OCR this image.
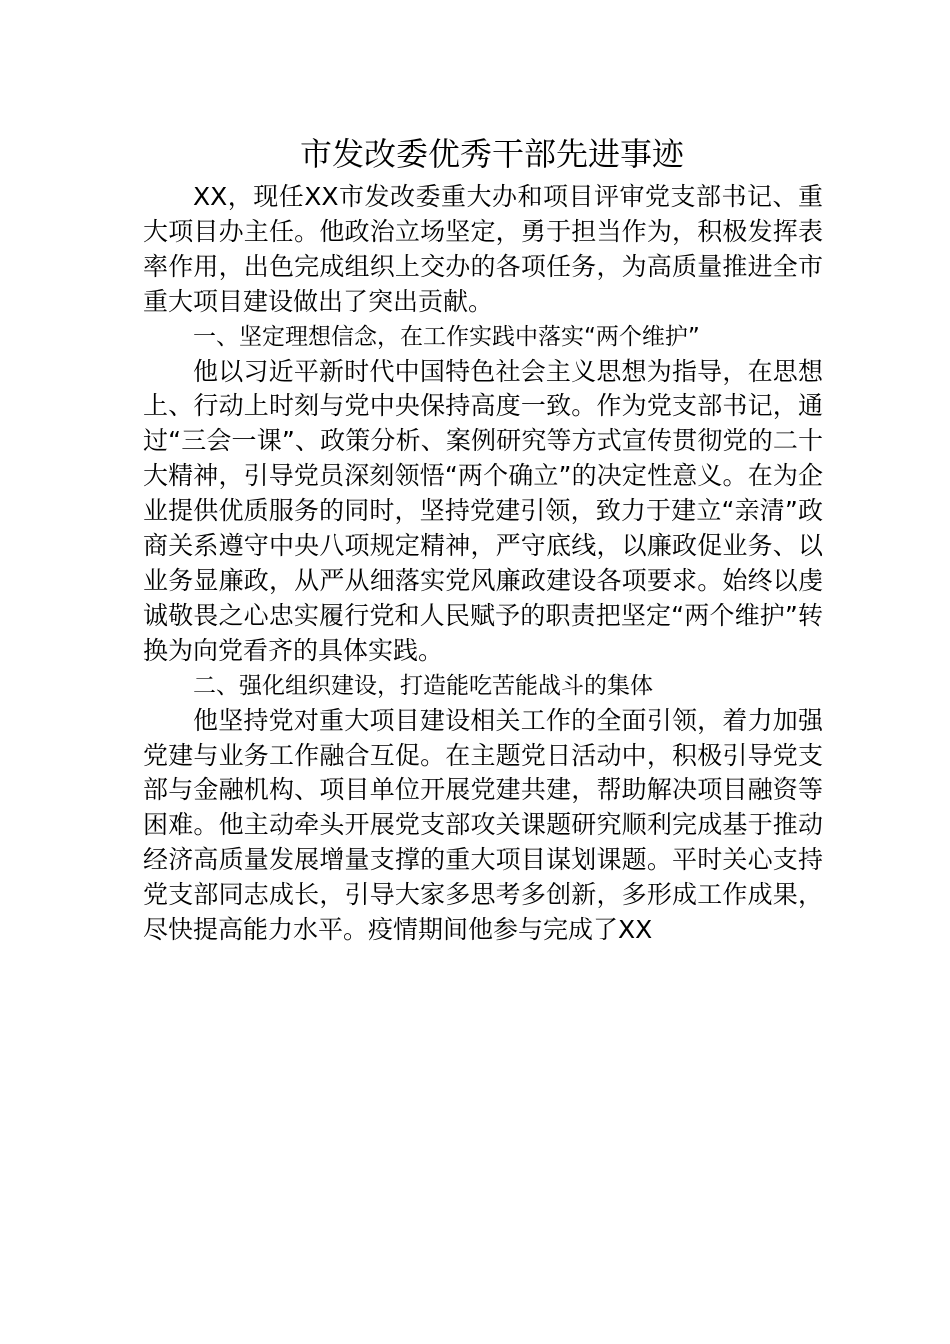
市发改委优秀干部先进事迹

XX，现任XX市发改委重大办和项目评审党支部书记、重大项目办主任。他政治立场坚定，勇于担当作为，积极发挥表率作用，出色完成组织上交办的各项任务，为高质量推进全市重大项目建设做出了突出贡献。

一、坚定理想信念，在工作实践中落实“两个维护”

他以习近平新时代中国特色社会主义思想为指导，在思想上、行动上时刻与党中央保持高度一致。作为党支部书记，通过“三会一课”、政策分析、案例研究等方式宣传贯彻党的二十大精神，引导党员深刻领悟“两个确立”的决定性意义。在为企业提供优质服务的同时，坚持党建引领，致力于建立“亲清”政商关系遵守中央八项规定精神，严守底线，以廉政促业务、以业务显廉政，从严从细落实党风廉政建设各项要求。始终以虔诚敬畏之心忠实履行党和人民赋予的职责把坚定“两个维护”转换为向党看齐的具体实践。

二、强化组织建设，打造能吃苦能战斗的集体

他坚持党对重大项目建设相关工作的全面引领，着力加强党建与业务工作融合互促。在主题党日活动中，积极引导党支部与金融机构、项目单位开展党建共建，帮助解决项目融资等困难。他主动牵头开展党支部攻关课题研究顺利完成基于推动经济高质量发展增量支撑的重大项目谋划课题。平时关心支持党支部同志成长，引导大家多思考多创新，多形成工作成果，尽快提高能力水平。疫情期间他参与完成了XX
